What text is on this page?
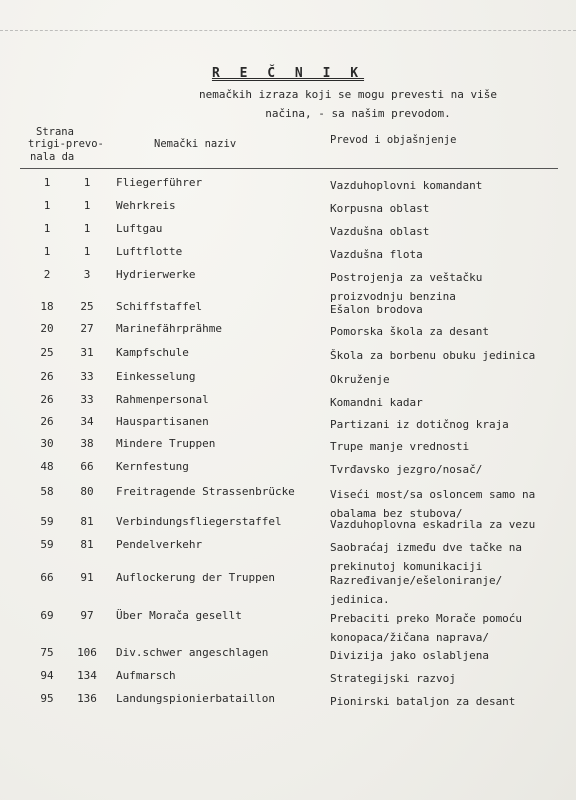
R E Č N I K
nemačkih izraza koji se mogu prevesti na više
načina, - sa našim prevodom.
Strana
trigi-prevo-
nala da
Nemački naziv	Prevod i objašnjenje
1	1	Fliegerführer	Vazduhoplovni komandant
1	1	Wehrkreis	Korpusna oblast
1	1	Luftgau	Vazdušna oblast
1	1	Luftflotte	Vazdušna flota
2	3	Hydrierwerke	Postrojenja za veštačku proizvodnju benzina
18	25	Schiffstaffel	Ešalon brodova
20	27	Marinefährprähme	Pomorska škola za desant
25	31	Kampfschule	Škola za borbenu obuku jedinica
26	33	Einkesselung	Okruženje
26	33	Rahmenpersonal	Komandni kadar
26	34	Hauspartisanen	Partizani iz dotičnog kraja
30	38	Mindere Truppen	Trupe manje vrednosti
48	66	Kernfestung	Tvrđavsko jezgro/nosač/
58	80	Freitragende Strassenbrücke	Viseći most/sa osloncem samo na obalama bez stubova/
59	81	Verbindungsfliegerstaffel	Vazduhoplovna eskadrila za vezu
59	81	Pendelverkehr	Saobraćaj između dve tačke na prekinutoj komunikaciji
66	91	Auflockerung der Truppen	Razređivanje/ešeloniranje/ jedinica.
69	97	Über Morača gesellt	Prebaciti preko Morače pomoću konopaca/žičana naprava/
75	106	Div.schwer angeschlagen	Divizija jako oslabljena
94	134	Aufmarsch	Strategijski razvoj
95	136	Landungspionierbataillon	Pionirski bataljon za desant
